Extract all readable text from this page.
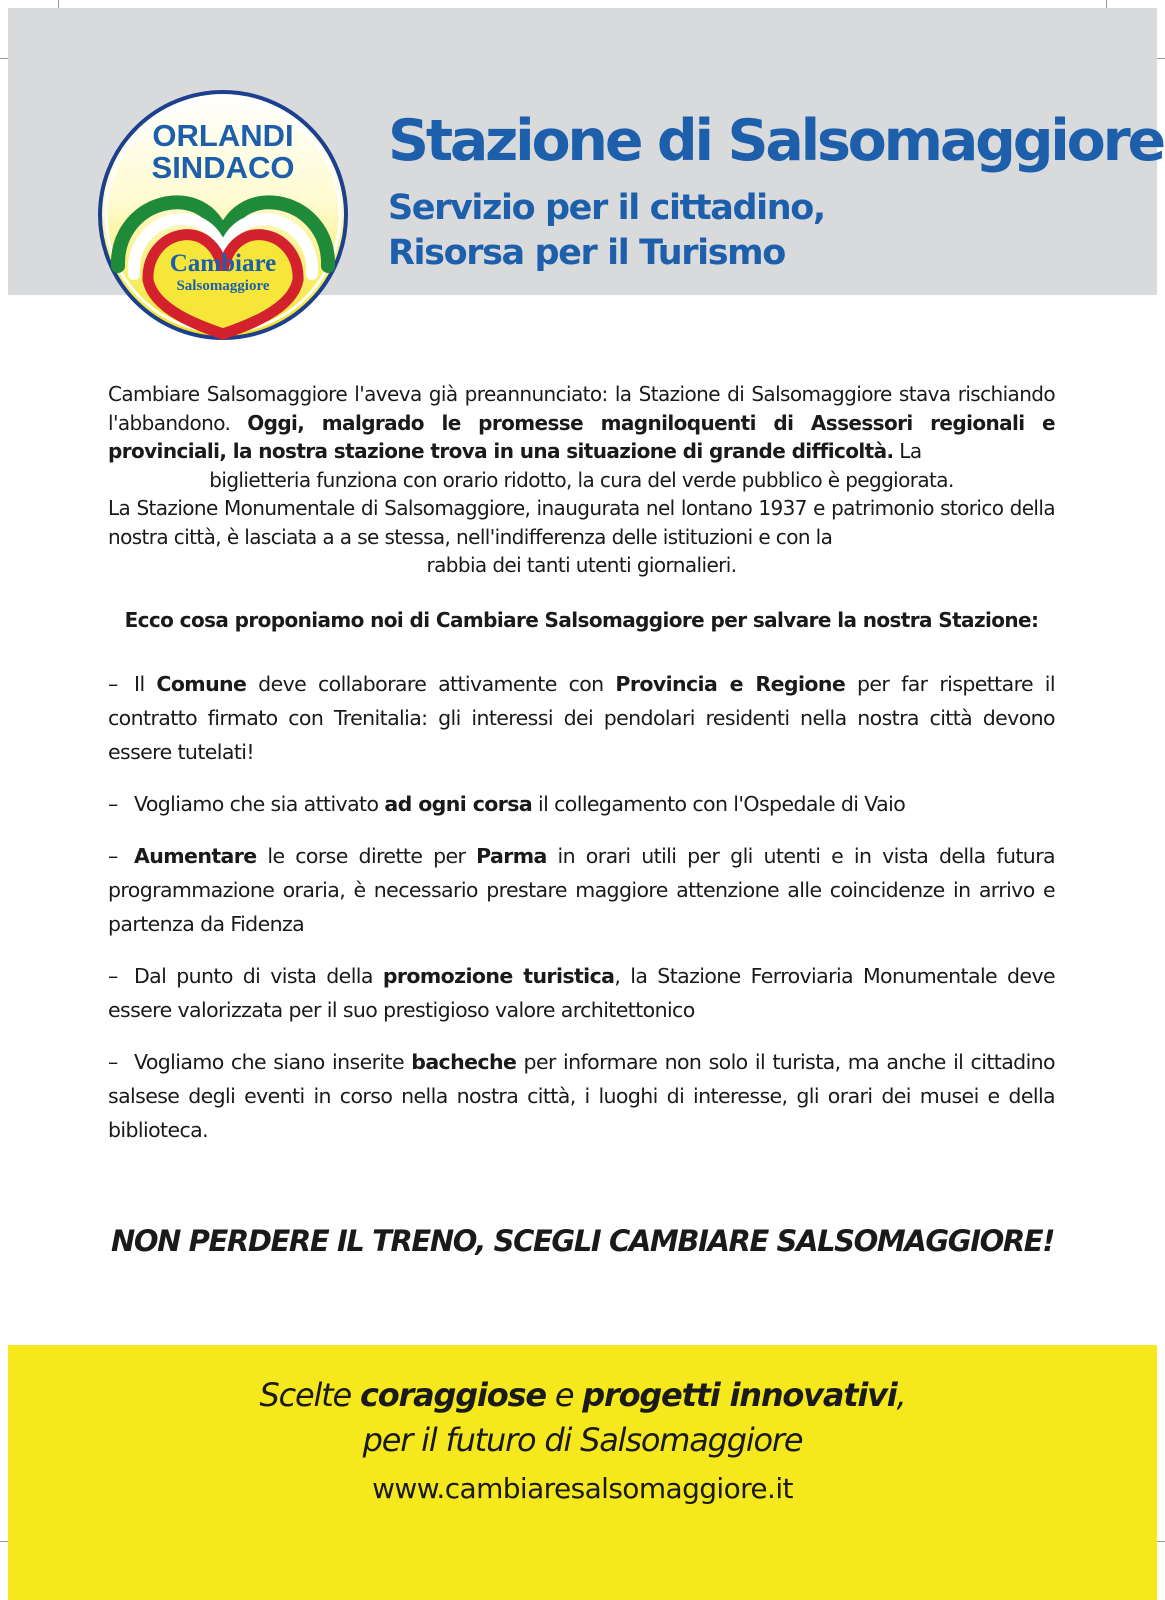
ORLANDI
SINDACO
Cambiare
Salsomaggiore
Stazione di Salsomaggiore
Servizio per il cittadino,
Risorsa per il Turismo

Cambiare Salsomaggiore l'aveva già preannunciato: la Stazione di Salsomaggiore stava rischiando l'abbandono. Oggi, malgrado le promesse magniloquenti di Assessori regionali e provinciali, la nostra stazione trova in una situazione di grande difficoltà. La

biglietteria funziona con orario ridotto, la cura del verde pubblico è peggiorata.

La Stazione Monumentale di Salsomaggiore, inaugurata nel lontano 1937 e patrimonio storico della nostra città, è lasciata a a se stessa, nell'indifferenza delle istituzioni e con la

rabbia dei tanti utenti giornalieri.

Ecco cosa proponiamo noi di Cambiare Salsomaggiore per salvare la nostra Stazione:

– Il Comune deve collaborare attivamente con Provincia e Regione per far rispettare il contratto firmato con Trenitalia: gli interessi dei pendolari residenti nella nostra città devono essere tutelati!

– Vogliamo che sia attivato ad ogni corsa il collegamento con l'Ospedale di Vaio

– Aumentare le corse dirette per Parma in orari utili per gli utenti e in vista della futura programmazione oraria, è necessario prestare maggiore attenzione alle coincidenze in arrivo e partenza da Fidenza

– Dal punto di vista della promozione turistica, la Stazione Ferroviaria Monumentale deve essere valorizzata per il suo prestigioso valore architettonico

– Vogliamo che siano inserite bacheche per informare non solo il turista, ma anche il cittadino salsese degli eventi in corso nella nostra città, i luoghi di interesse, gli orari dei musei e della biblioteca.

NON PERDERE IL TRENO, SCEGLI CAMBIARE SALSOMAGGIORE!
Scelte coraggiose e progetti innovativi,
per il futuro di Salsomaggiore
www.cambiaresalsomaggiore.it
